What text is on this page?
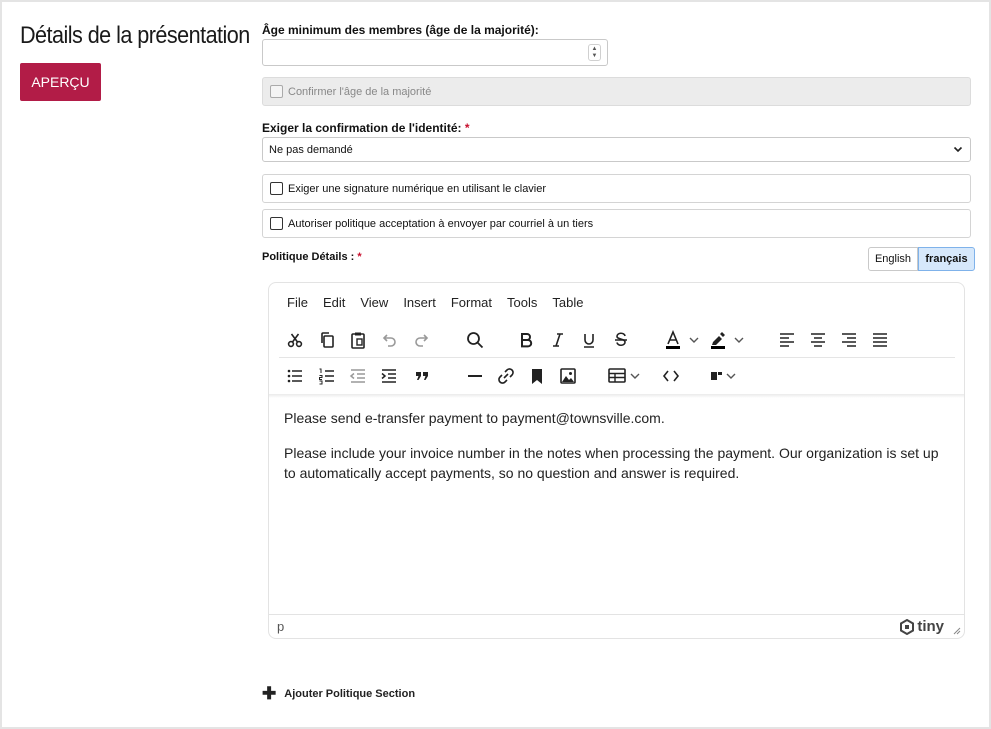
Détails de la présentation
APERÇU
Âge minimum des membres (âge de la majorité):
▲
▼
Confirmer l'âge de la majorité
Exiger la confirmation de l'identité: *
Ne pas demandé
Exiger une signature numérique en utilisant le clavier
Autoriser politique acceptation à envoyer par courriel à un tiers
Politique Détails : *	English	français
File Edit View Insert Format Tools Table

Please send e-transfer payment to payment@townsville.com.

Please include your invoice number in the notes when processing the payment. Our organization is set up to automatically accept payments, so no question and answer is required.

p	tiny
✚ Ajouter Politique Section
